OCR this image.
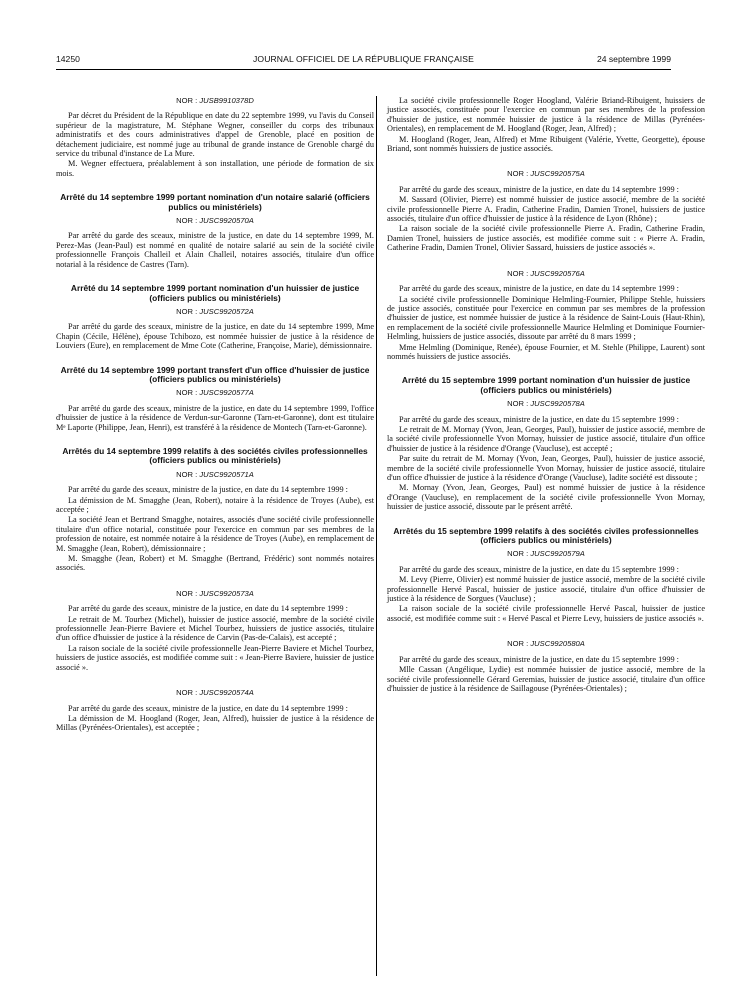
14250	JOURNAL OFFICIEL DE LA RÉPUBLIQUE FRANÇAISE	24 septembre 1999
NOR : JUSB9910378D

Par décret du Président de la République en date du 22 septembre 1999, vu l'avis du Conseil supérieur de la magistrature, M. Stéphane Wegner, conseiller du corps des tribunaux administratifs et des cours administratives d'appel de Grenoble, placé en position de détachement judiciaire, est nommé juge au tribunal de grande instance de Grenoble chargé du service du tribunal d'instance de La Mure.

M. Wegner effectuera, préalablement à son installation, une période de formation de six mois.

Arrêté du 14 septembre 1999 portant nomination d'un notaire salarié (officiers publics ou ministériels)
NOR : JUSC9920570A

Par arrêté du garde des sceaux, ministre de la justice, en date du 14 septembre 1999, M. Perez-Mas (Jean-Paul) est nommé en qualité de notaire salarié au sein de la société civile professionnelle François Challeil et Alain Challeil, notaires associés, titulaire d'un office notarial à la résidence de Castres (Tarn).

Arrêté du 14 septembre 1999 portant nomination d'un huissier de justice (officiers publics ou ministériels)
NOR : JUSC9920572A

Par arrêté du garde des sceaux, ministre de la justice, en date du 14 septembre 1999, Mme Chapin (Cécile, Hélène), épouse Tchibozo, est nommée huissier de justice à la résidence de Louviers (Eure), en remplacement de Mme Cote (Catherine, Françoise, Marie), démissionnaire.

Arrêté du 14 septembre 1999 portant transfert d'un office d'huissier de justice (officiers publics ou ministériels)
NOR : JUSC9920577A

Par arrêté du garde des sceaux, ministre de la justice, en date du 14 septembre 1999, l'office d'huissier de justice à la résidence de Verdun-sur-Garonne (Tarn-et-Garonne), dont est titulaire Mᵉ Laporte (Philippe, Jean, Henri), est transféré à la résidence de Montech (Tarn-et-Garonne).

Arrêtés du 14 septembre 1999 relatifs à des sociétés civiles professionnelles (officiers publics ou ministériels)
NOR : JUSC9920571A

Par arrêté du garde des sceaux, ministre de la justice, en date du 14 septembre 1999 :

La démission de M. Smagghe (Jean, Robert), notaire à la résidence de Troyes (Aube), est acceptée ;

La société Jean et Bertrand Smagghe, notaires, associés d'une société civile professionnelle titulaire d'un office notarial, constituée pour l'exercice en commun par ses membres de la profession de notaire, est nommée notaire à la résidence de Troyes (Aube), en remplacement de M. Smagghe (Jean, Robert), démissionnaire ;

M. Smagghe (Jean, Robert) et M. Smagghe (Bertrand, Frédéric) sont nommés notaires associés.

NOR : JUSC9920573A

Par arrêté du garde des sceaux, ministre de la justice, en date du 14 septembre 1999 :

Le retrait de M. Tourbez (Michel), huissier de justice associé, membre de la société civile professionnelle Jean-Pierre Baviere et Michel Tourbez, huissiers de justice associés, titulaire d'un office d'huissier de justice à la résidence de Carvin (Pas-de-Calais), est accepté ;

La raison sociale de la société civile professionnelle Jean-Pierre Baviere et Michel Tourbez, huissiers de justice associés, est modifiée comme suit : « Jean-Pierre Baviere, huissier de justice associé ».

NOR : JUSC9920574A

Par arrêté du garde des sceaux, ministre de la justice, en date du 14 septembre 1999 :

La démission de M. Hoogland (Roger, Jean, Alfred), huissier de justice à la résidence de Millas (Pyrénées-Orientales), est acceptée ;

La société civile professionnelle Roger Hoogland, Valérie Briand-Ribuigent, huissiers de justice associés, constituée pour l'exercice en commun par ses membres de la profession d'huissier de justice, est nommée huissier de justice à la résidence de Millas (Pyrénées-Orientales), en remplacement de M. Hoogland (Roger, Jean, Alfred) ;

M. Hoogland (Roger, Jean, Alfred) et Mme Ribuigent (Valérie, Yvette, Georgette), épouse Briand, sont nommés huissiers de justice associés.

NOR : JUSC9920575A

Par arrêté du garde des sceaux, ministre de la justice, en date du 14 septembre 1999 :

M. Sassard (Olivier, Pierre) est nommé huissier de justice associé, membre de la société civile professionnelle Pierre A. Fradin, Catherine Fradin, Damien Tronel, huissiers de justice associés, titulaire d'un office d'huissier de justice à la résidence de Lyon (Rhône) ;

La raison sociale de la société civile professionnelle Pierre A. Fradin, Catherine Fradin, Damien Tronel, huissiers de justice associés, est modifiée comme suit : « Pierre A. Fradin, Catherine Fradin, Damien Tronel, Olivier Sassard, huissiers de justice associés ».

NOR : JUSC9920576A

Par arrêté du garde des sceaux, ministre de la justice, en date du 14 septembre 1999 :

La société civile professionnelle Dominique Helmling-Fournier, Philippe Stehle, huissiers de justice associés, constituée pour l'exercice en commun par ses membres de la profession d'huissier de justice, est nommée huissier de justice à la résidence de Saint-Louis (Haut-Rhin), en remplacement de la société civile professionnelle Maurice Helmling et Dominique Fournier-Helmling, huissiers de justice associés, dissoute par arrêté du 8 mars 1999 ;

Mme Helmling (Dominique, Renée), épouse Fournier, et M. Stehle (Philippe, Laurent) sont nommés huissiers de justice associés.

Arrêté du 15 septembre 1999 portant nomination d'un huissier de justice (officiers publics ou ministériels)
NOR : JUSC9920578A

Par arrêté du garde des sceaux, ministre de la justice, en date du 15 septembre 1999 :

Le retrait de M. Mornay (Yvon, Jean, Georges, Paul), huissier de justice associé, membre de la société civile professionnelle Yvon Mornay, huissier de justice associé, titulaire d'un office d'huissier de justice à la résidence d'Orange (Vaucluse), est accepté ;

Par suite du retrait de M. Mornay (Yvon, Jean, Georges, Paul), huissier de justice associé, membre de la société civile professionnelle Yvon Mornay, huissier de justice associé, titulaire d'un office d'huissier de justice à la résidence d'Orange (Vaucluse), ladite société est dissoute ;

M. Mornay (Yvon, Jean, Georges, Paul) est nommé huissier de justice à la résidence d'Orange (Vaucluse), en remplacement de la société civile professionnelle Yvon Mornay, huissier de justice associé, dissoute par le présent arrêté.

Arrêtés du 15 septembre 1999 relatifs à des sociétés civiles professionnelles (officiers publics ou ministériels)
NOR : JUSC9920579A

Par arrêté du garde des sceaux, ministre de la justice, en date du 15 septembre 1999 :

M. Levy (Pierre, Olivier) est nommé huissier de justice associé, membre de la société civile professionnelle Hervé Pascal, huissier de justice associé, titulaire d'un office d'huissier de justice à la résidence de Sorgues (Vaucluse) ;

La raison sociale de la société civile professionnelle Hervé Pascal, huissier de justice associé, est modifiée comme suit : « Hervé Pascal et Pierre Levy, huissiers de justice associés ».

NOR : JUSC9920580A

Par arrêté du garde des sceaux, ministre de la justice, en date du 15 septembre 1999 :

Mlle Cassan (Angélique, Lydie) est nommée huissier de justice associé, membre de la société civile professionnelle Gérard Geremias, huissier de justice associé, titulaire d'un office d'huissier de justice à la résidence de Saillagouse (Pyrénées-Orientales) ;
